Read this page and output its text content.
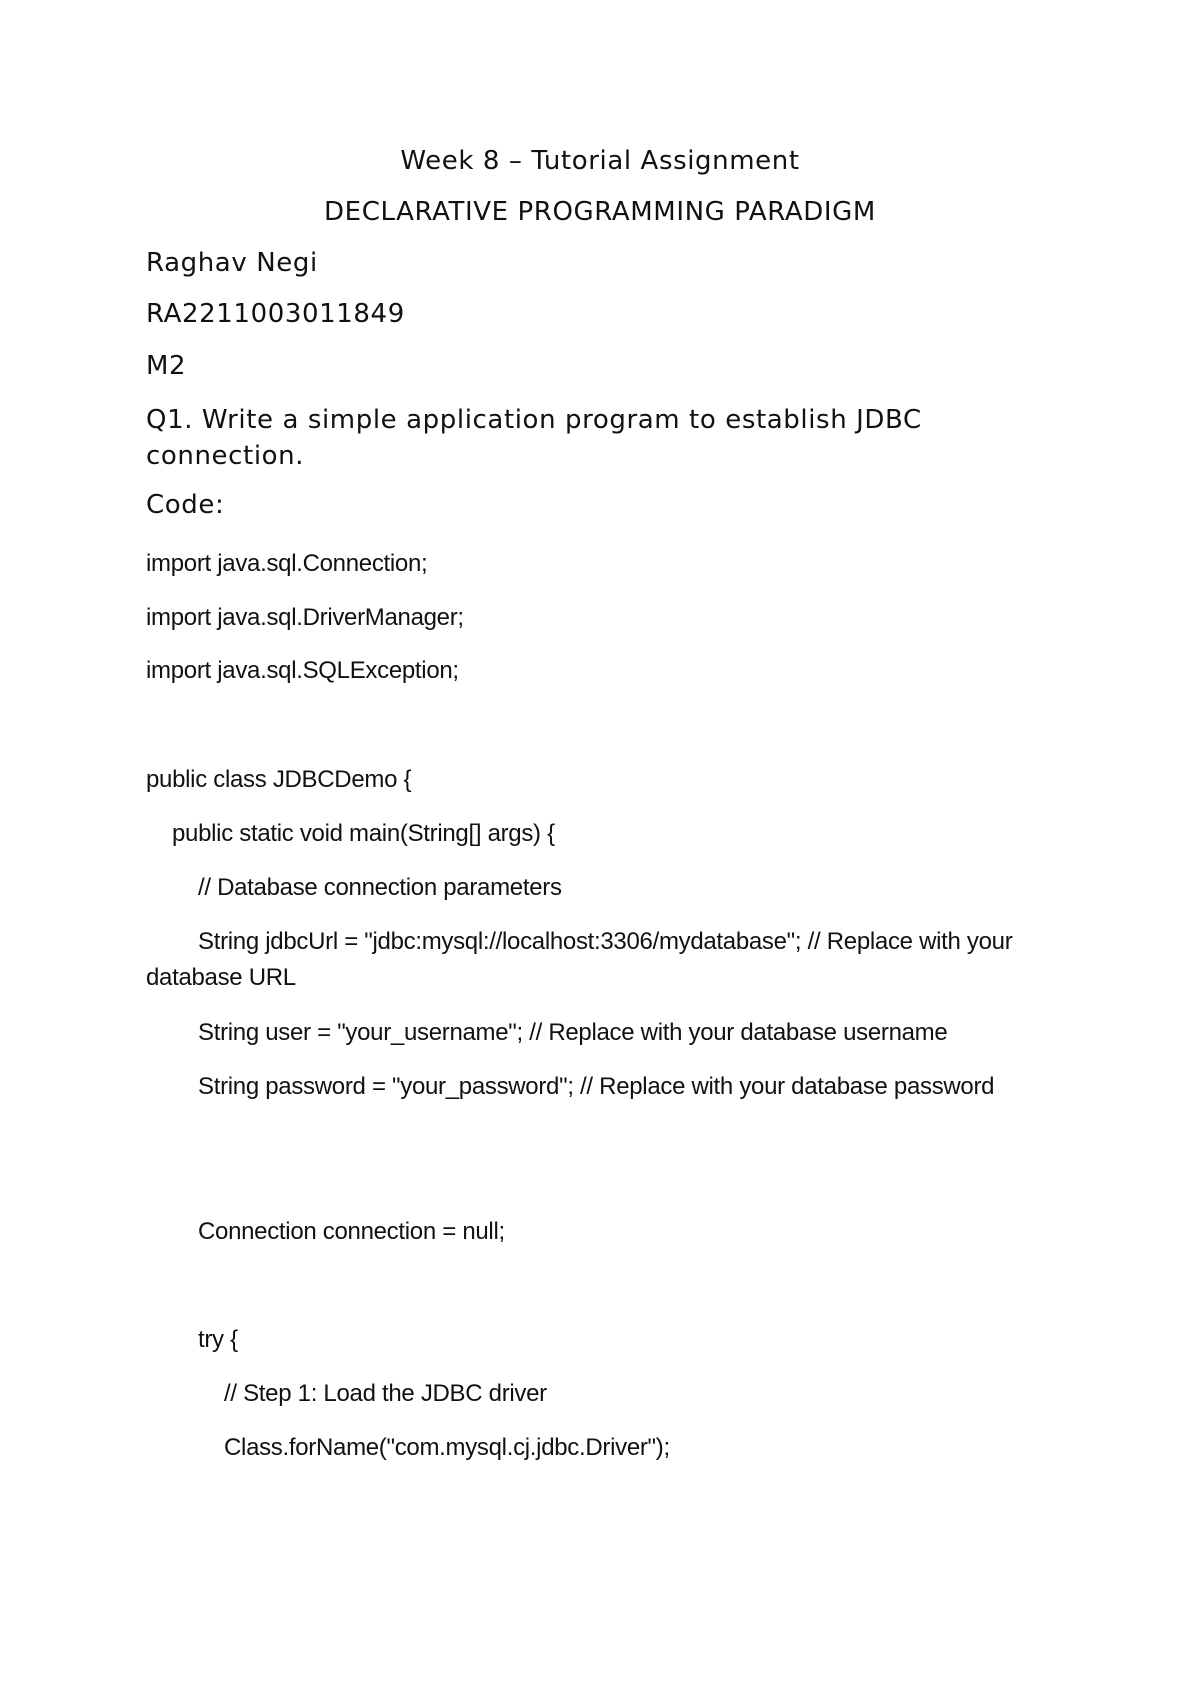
Week 8 – Tutorial Assignment

DECLARATIVE PROGRAMMING PARADIGM

Raghav Negi

RA2211003011849

M2

Q1. Write a simple application program to establish JDBC connection.

Code:

import java.sql.Connection;

import java.sql.DriverManager;

import java.sql.SQLException;

public class JDBCDemo {

public static void main(String[] args) {

// Database connection parameters

String jdbcUrl = "jdbc:mysql://localhost:3306/mydatabase"; // Replace with your database URL

String user = "your_username"; // Replace with your database username

String password = "your_password"; // Replace with your database password

Connection connection = null;

try {

// Step 1: Load the JDBC driver

Class.forName("com.mysql.cj.jdbc.Driver");
